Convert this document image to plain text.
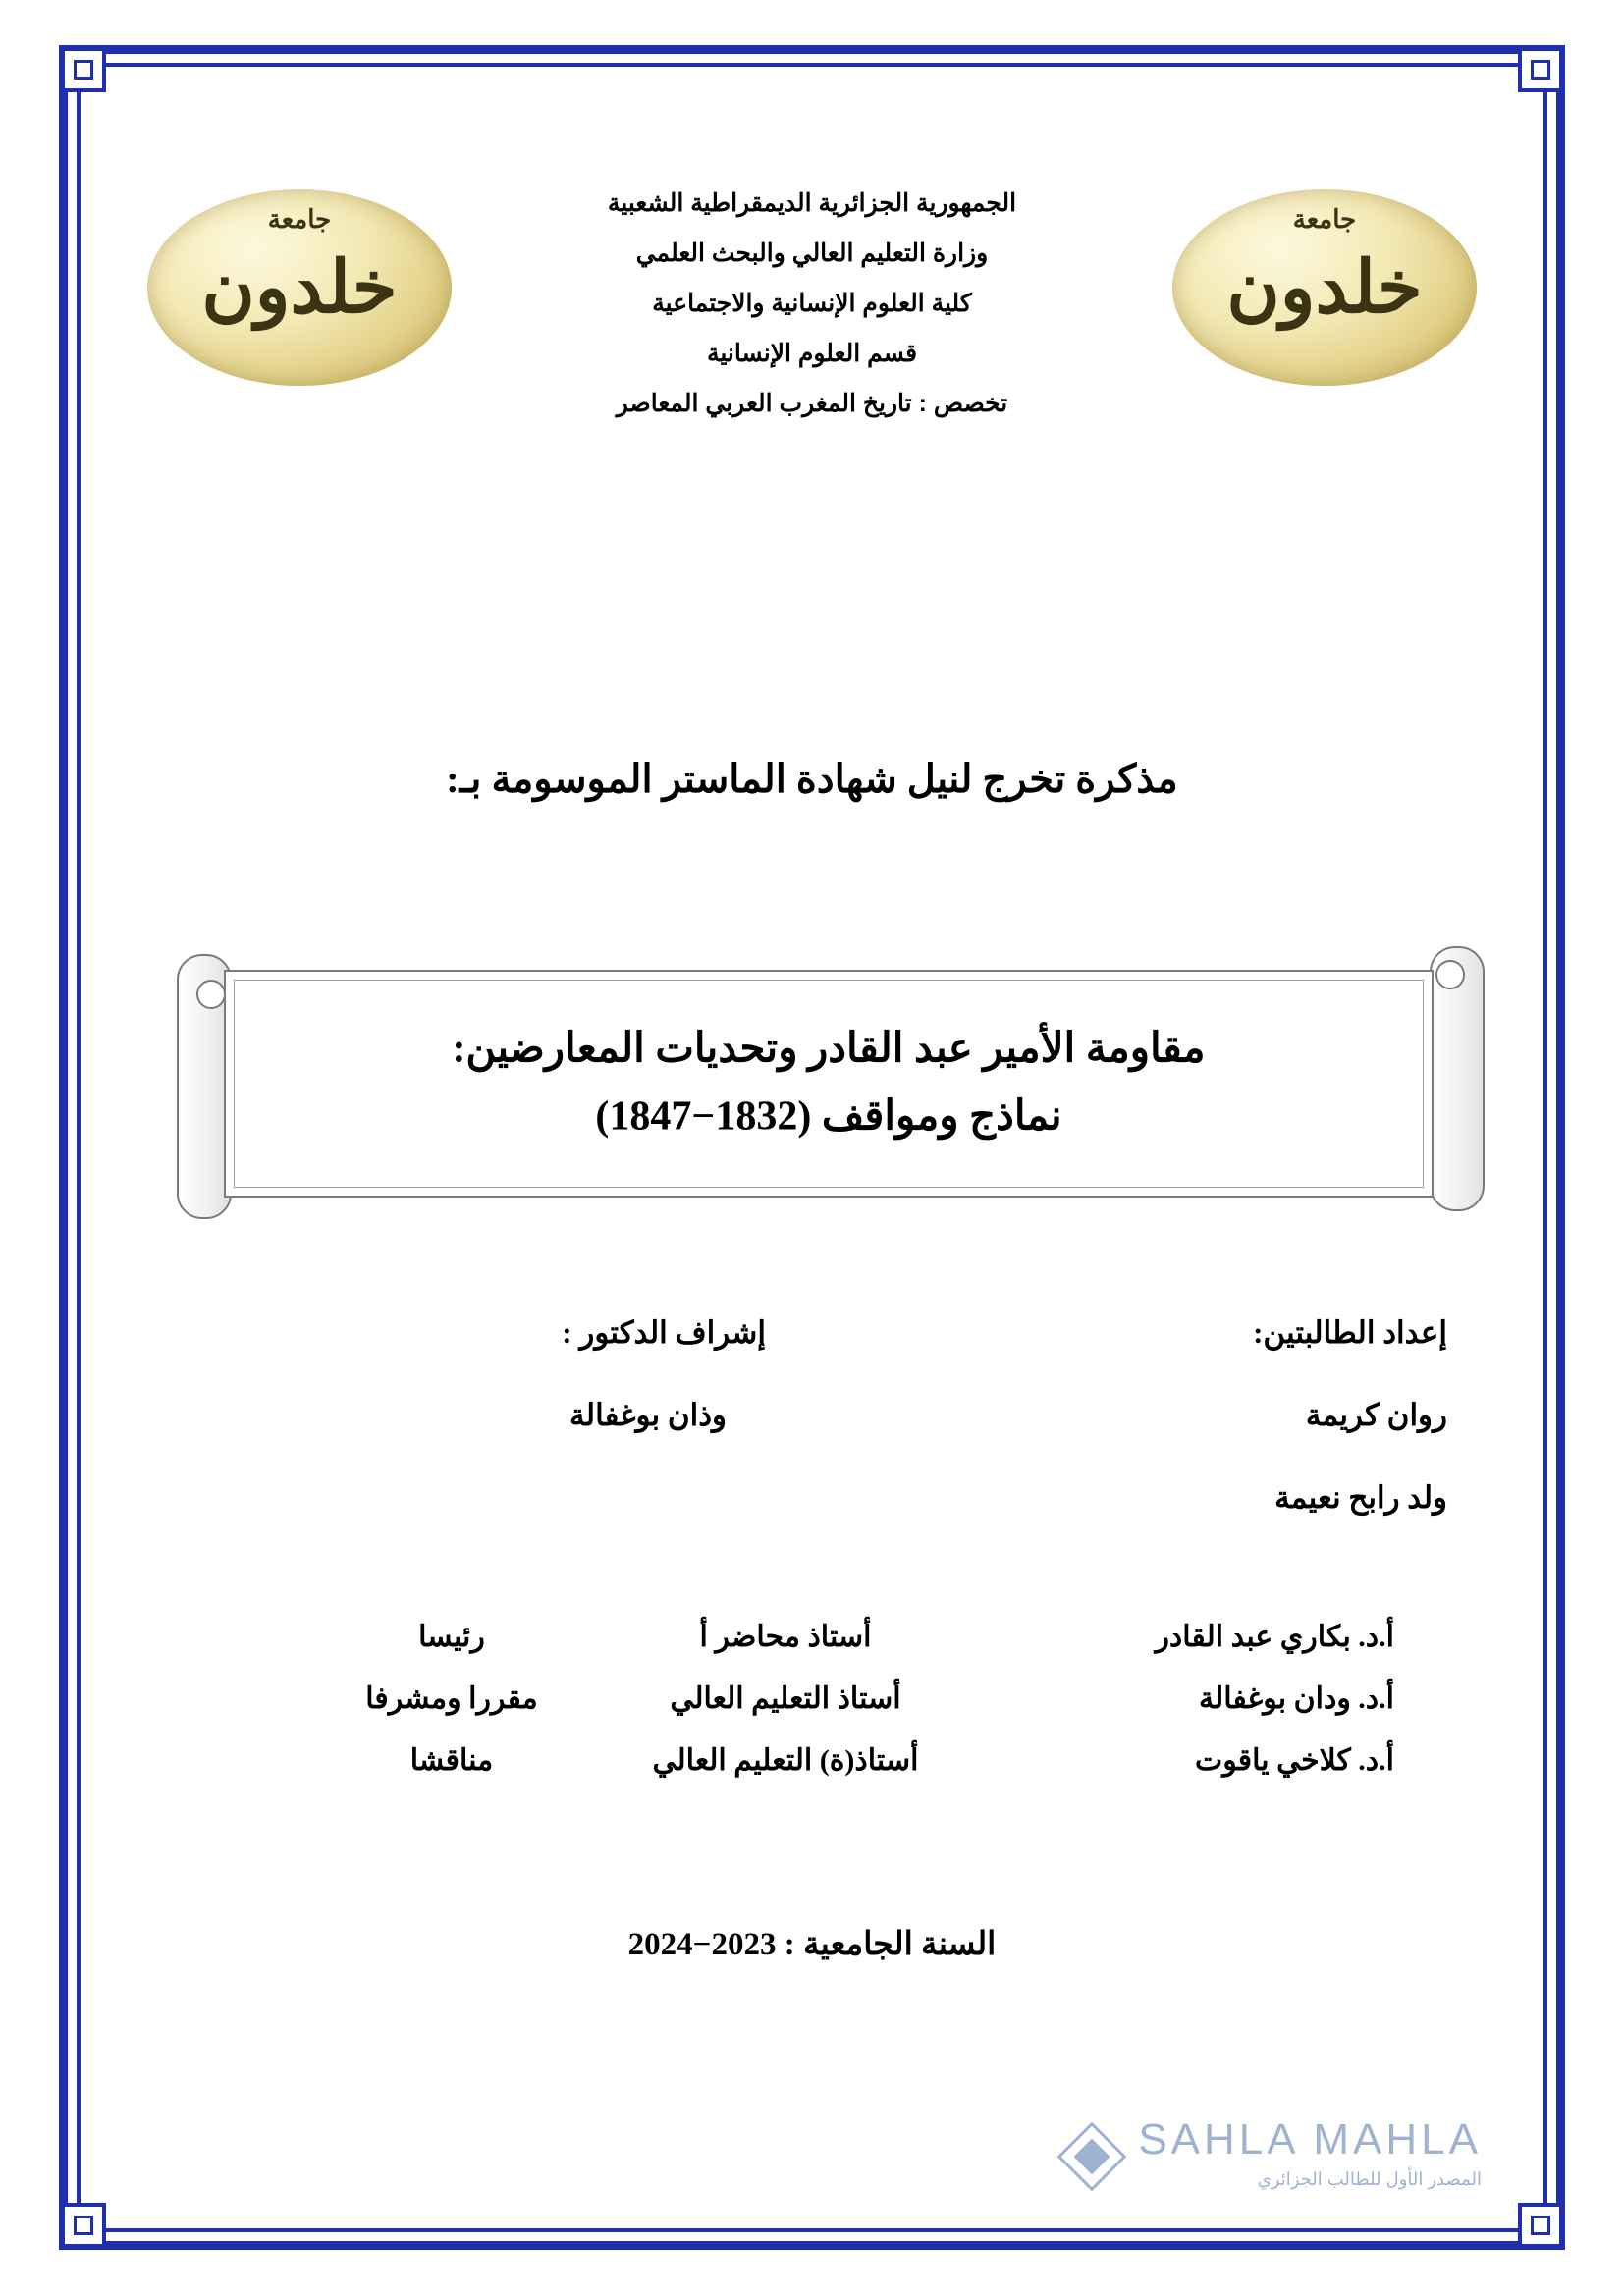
جامعة
خلدون
جامعة
خلدون
الجمهورية الجزائرية الديمقراطية الشعبية
وزارة التعليم العالي والبحث العلمي
كلية العلوم الإنسانية والاجتماعية
قسم العلوم الإنسانية
تخصص : تاريخ المغرب العربي المعاصر
مذكرة تخرج لنيل شهادة الماستر الموسومة بـ:
مقاومة الأمير عبد القادر وتحديات المعارضين:
نماذج ومواقف (1832−1847)
إعداد الطالبتين:
روان كريمة
ولد رابح نعيمة
إشراف الدكتور :
وذان بوغفالة
أ.د. بكاري عبد القادر
أستاذ محاضر أ
رئيسا
أ.د. ودان بوغفالة
أستاذ التعليم العالي
مقررا ومشرفا
أ.د. كلاخي ياقوت
أستاذ(ة) التعليم العالي
مناقشا
السنة الجامعية : 2023−2024
SAHLA MAHLA
المصدر الأول للطالب الجزائري
